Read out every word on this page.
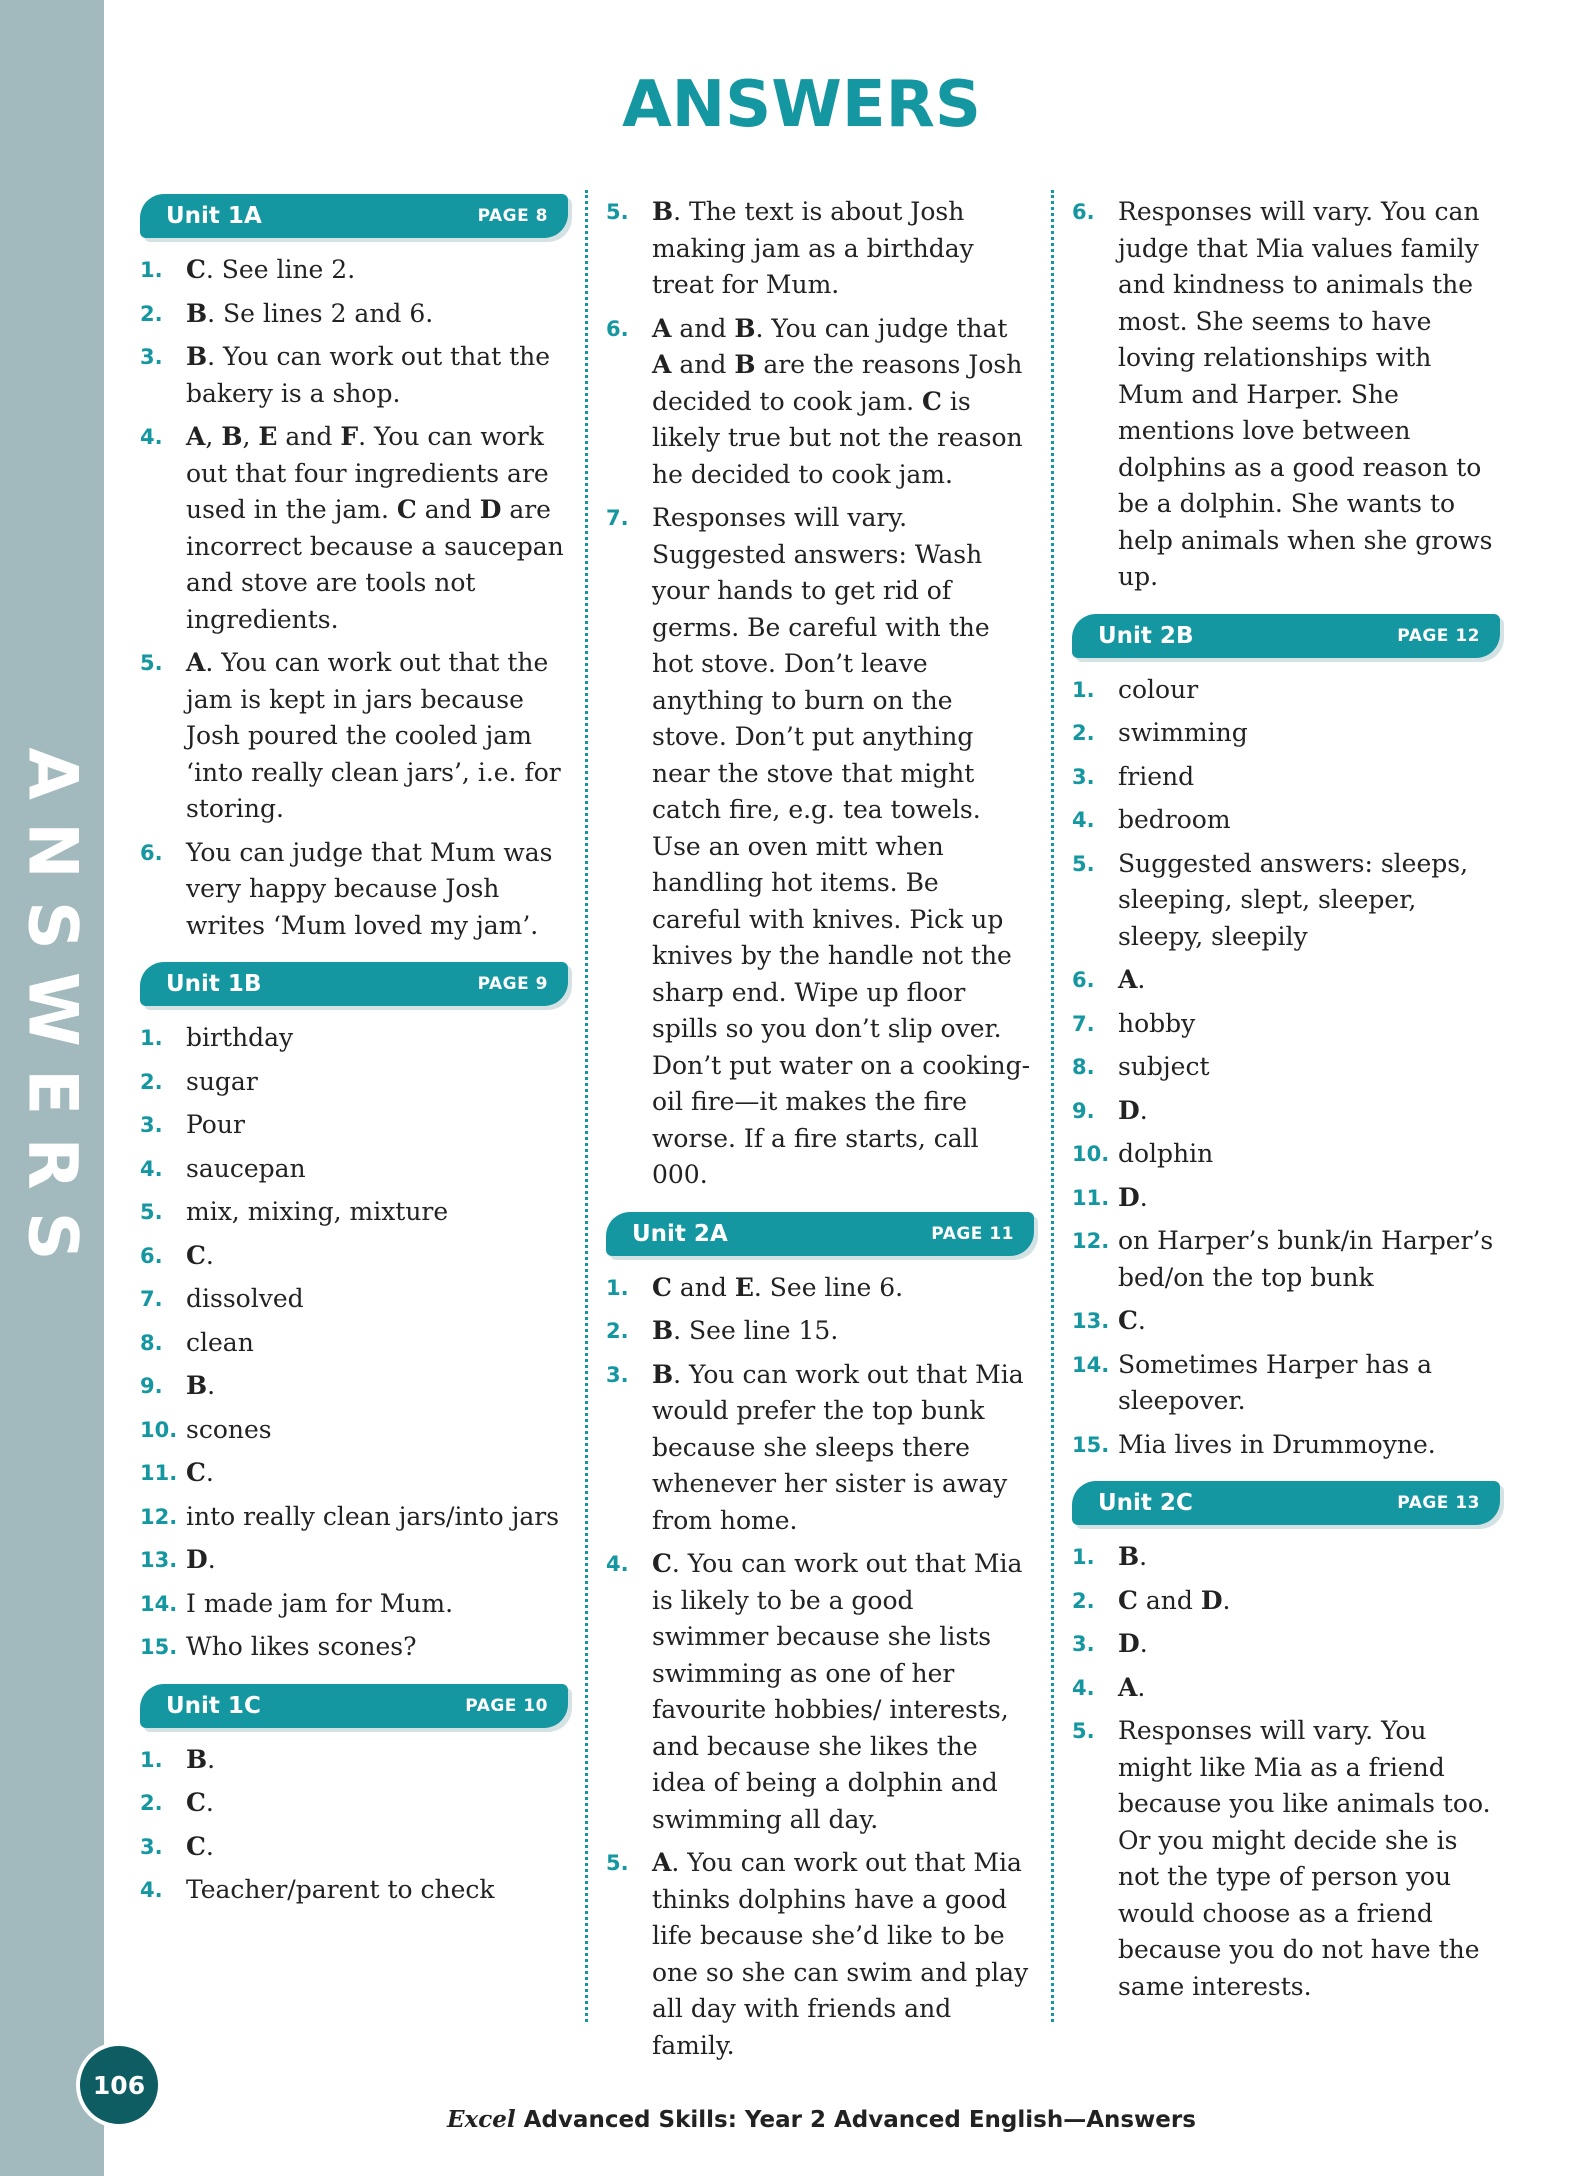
ANSWERS
ANSWERS
Unit 1A	PAGE 8
1. C. See line 2.
2. B. Se lines 2 and 6.
3. B. You can work out that the bakery is a shop.
4. A, B, E and F. You can work out that four ingredients are used in the jam. C and D are incorrect because a saucepan and stove are tools not ingredients.
5. A. You can work out that the jam is kept in jars because Josh poured the cooled jam ‘into really clean jars’, i.e. for storing.
6. You can judge that Mum was very happy because Josh writes ‘Mum loved my jam’.
Unit 1B	PAGE 9
1. birthday
2. sugar
3. Pour
4. saucepan
5. mix, mixing, mixture
6. C.
7. dissolved
8. clean
9. B.
10. scones
11. C.
12. into really clean jars/into jars
13. D.
14. I made jam for Mum.
15. Who likes scones?
Unit 1C	PAGE 10
1. B.
2. C.
3. C.
4. Teacher/parent to check
5. B. The text is about Josh making jam as a birthday treat for Mum.
6. A and B. You can judge that A and B are the reasons Josh decided to cook jam. C is likely true but not the reason he decided to cook jam.
7. Responses will vary. Suggested answers: Wash your hands to get rid of germs. Be careful with the hot stove. Don’t leave anything to burn on the stove. Don’t put anything near the stove that might catch fire, e.g. tea towels. Use an oven mitt when handling hot items. Be careful with knives. Pick up knives by the handle not the sharp end. Wipe up floor spills so you don’t slip over. Don’t put water on a cooking-oil fire—it makes the fire worse. If a fire starts, call 000.
Unit 2A	PAGE 11
1. C and E. See line 6.
2. B. See line 15.
3. B. You can work out that Mia would prefer the top bunk because she sleeps there whenever her sister is away from home.
4. C. You can work out that Mia is likely to be a good swimmer because she lists swimming as one of her favourite hobbies/ interests, and because she likes the idea of being a dolphin and swimming all day.
5. A. You can work out that Mia thinks dolphins have a good life because she’d like to be one so she can swim and play all day with friends and family.
6. Responses will vary. You can judge that Mia values family and kindness to animals the most. She seems to have loving relationships with Mum and Harper. She mentions love between dolphins as a good reason to be a dolphin. She wants to help animals when she grows up.
Unit 2B	PAGE 12
1. colour
2. swimming
3. friend
4. bedroom
5. Suggested answers: sleeps, sleeping, slept, sleeper, sleepy, sleepily
6. A.
7. hobby
8. subject
9. D.
10. dolphin
11. D.
12. on Harper’s bunk/in Harper’s bed/on the top bunk
13. C.
14. Sometimes Harper has a sleepover.
15. Mia lives in Drummoyne.
Unit 2C	PAGE 13
1. B.
2. C and D.
3. D.
4. A.
5. Responses will vary. You might like Mia as a friend because you like animals too. Or you might decide she is not the type of person you would choose as a friend because you do not have the same interests.
106
Excel Advanced Skills: Year 2 Advanced English—Answers
